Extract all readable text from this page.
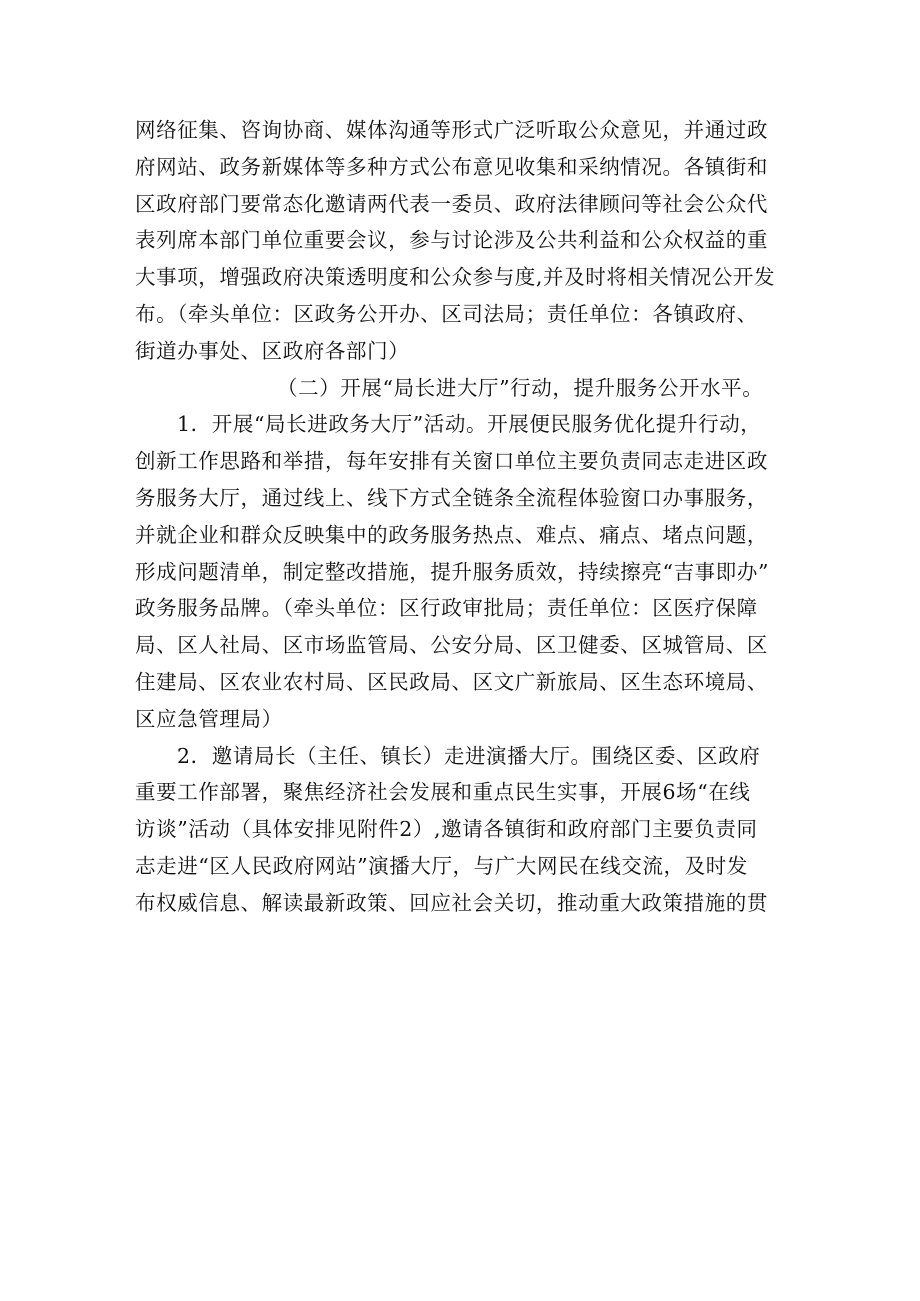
网络征集、咨询协商、媒体沟通等形式广泛听取公众意见，并通过政
府网站、政务新媒体等多种方式公布意见收集和采纳情况。各镇街和
区政府部门要常态化邀请两代表一委员、政府法律顾问等社会公众代
表列席本部门单位重要会议，参与讨论涉及公共利益和公众权益的重
大事项，增强政府决策透明度和公众参与度,并及时将相关情况公开发
布。（牵头单位：区政务公开办、区司法局；责任单位：各镇政府、
街道办事处、区政府各部门）
（二）开展“局长进大厅”行动，提升服务公开水平。
1．开展“局长进政务大厅”活动。开展便民服务优化提升行动，
创新工作思路和举措，每年安排有关窗口单位主要负责同志走进区政
务服务大厅，通过线上、线下方式全链条全流程体验窗口办事服务，
并就企业和群众反映集中的政务服务热点、难点、痛点、堵点问题，
形成问题清单，制定整改措施，提升服务质效，持续擦亮“吉事即办”
政务服务品牌。（牵头单位：区行政审批局；责任单位：区医疗保障
局、区人社局、区市场监管局、公安分局、区卫健委、区城管局、区
住建局、区农业农村局、区民政局、区文广新旅局、区生态环境局、
区应急管理局）
2．邀请局长（主任、镇长）走进演播大厅。围绕区委、区政府
重要工作部署，聚焦经济社会发展和重点民生实事，开展6场“在线
访谈”活动（具体安排见附件2）,邀请各镇街和政府部门主要负责同
志走进“区人民政府网站”演播大厅，与广大网民在线交流，及时发
布权威信息、解读最新政策、回应社会关切，推动重大政策措施的贯
